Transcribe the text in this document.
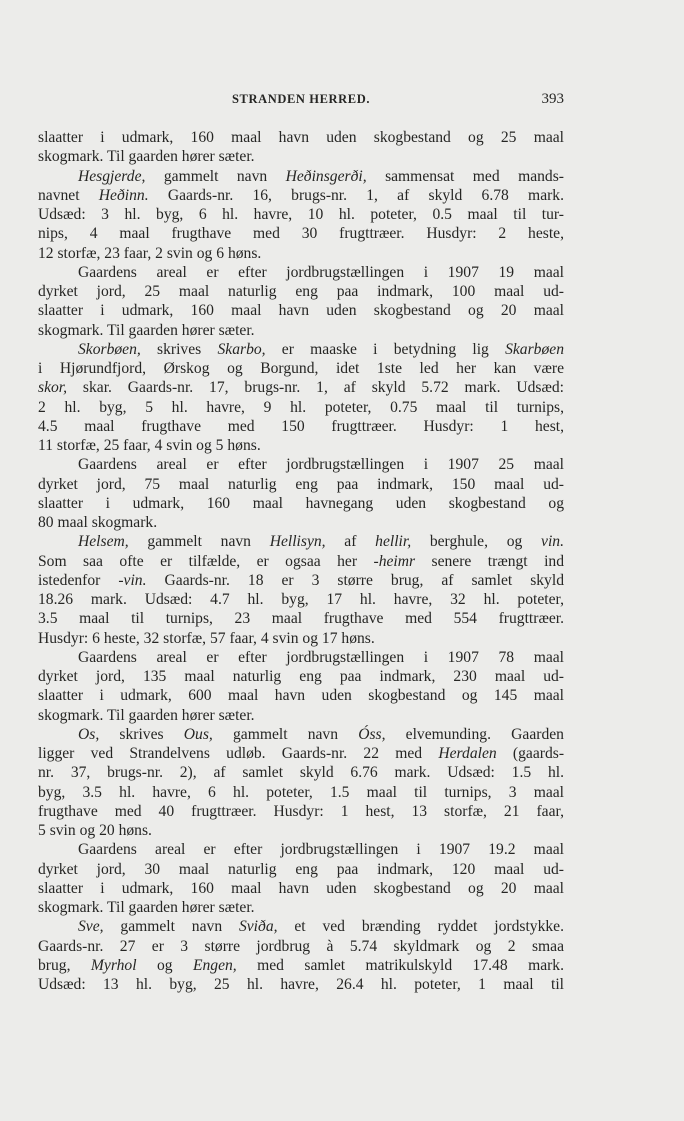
STRANDEN HERRED.	393
slaatter i udmark, 160 maal havn uden skogbestand og 25 maal
skogmark. Til gaarden hører sæter.
Hesgjerde, gammelt navn Heðinsgerði, sammensat med mands-
navnet Heðinn. Gaards-nr. 16, brugs-nr. 1, af skyld 6.78 mark.
Udsæd: 3 hl. byg, 6 hl. havre, 10 hl. poteter, 0.5 maal til tur-
nips, 4 maal frugthave med 30 frugttræer. Husdyr: 2 heste,
12 storfæ, 23 faar, 2 svin og 6 høns.
Gaardens areal er efter jordbrugstællingen i 1907 19 maal
dyrket jord, 25 maal naturlig eng paa indmark, 100 maal ud-
slaatter i udmark, 160 maal havn uden skogbestand og 20 maal
skogmark. Til gaarden hører sæter.
Skorbøen, skrives Skarbo, er maaske i betydning lig Skarbøen
i Hjørundfjord, Ørskog og Borgund, idet 1ste led her kan være
skor, skar. Gaards-nr. 17, brugs-nr. 1, af skyld 5.72 mark. Udsæd:
2 hl. byg, 5 hl. havre, 9 hl. poteter, 0.75 maal til turnips,
4.5 maal frugthave med 150 frugttræer. Husdyr: 1 hest,
11 storfæ, 25 faar, 4 svin og 5 høns.
Gaardens areal er efter jordbrugstællingen i 1907 25 maal
dyrket jord, 75 maal naturlig eng paa indmark, 150 maal ud-
slaatter i udmark, 160 maal havnegang uden skogbestand og
80 maal skogmark.
Helsem, gammelt navn Hellisyn, af hellir, berghule, og vin.
Som saa ofte er tilfælde, er ogsaa her -heimr senere trængt ind
istedenfor -vin. Gaards-nr. 18 er 3 større brug, af samlet skyld
18.26 mark. Udsæd: 4.7 hl. byg, 17 hl. havre, 32 hl. poteter,
3.5 maal til turnips, 23 maal frugthave med 554 frugttræer.
Husdyr: 6 heste, 32 storfæ, 57 faar, 4 svin og 17 høns.
Gaardens areal er efter jordbrugstællingen i 1907 78 maal
dyrket jord, 135 maal naturlig eng paa indmark, 230 maal ud-
slaatter i udmark, 600 maal havn uden skogbestand og 145 maal
skogmark. Til gaarden hører sæter.
Os, skrives Ous, gammelt navn Óss, elvemunding. Gaarden
ligger ved Strandelvens udløb. Gaards-nr. 22 med Herdalen (gaards-
nr. 37, brugs-nr. 2), af samlet skyld 6.76 mark. Udsæd: 1.5 hl.
byg, 3.5 hl. havre, 6 hl. poteter, 1.5 maal til turnips, 3 maal
frugthave med 40 frugttræer. Husdyr: 1 hest, 13 storfæ, 21 faar,
5 svin og 20 høns.
Gaardens areal er efter jordbrugstællingen i 1907 19.2 maal
dyrket jord, 30 maal naturlig eng paa indmark, 120 maal ud-
slaatter i udmark, 160 maal havn uden skogbestand og 20 maal
skogmark. Til gaarden hører sæter.
Sve, gammelt navn Sviða, et ved brænding ryddet jordstykke.
Gaards-nr. 27 er 3 større jordbrug à 5.74 skyldmark og 2 smaa
brug, Myrhol og Engen, med samlet matrikulskyld 17.48 mark.
Udsæd: 13 hl. byg, 25 hl. havre, 26.4 hl. poteter, 1 maal til
